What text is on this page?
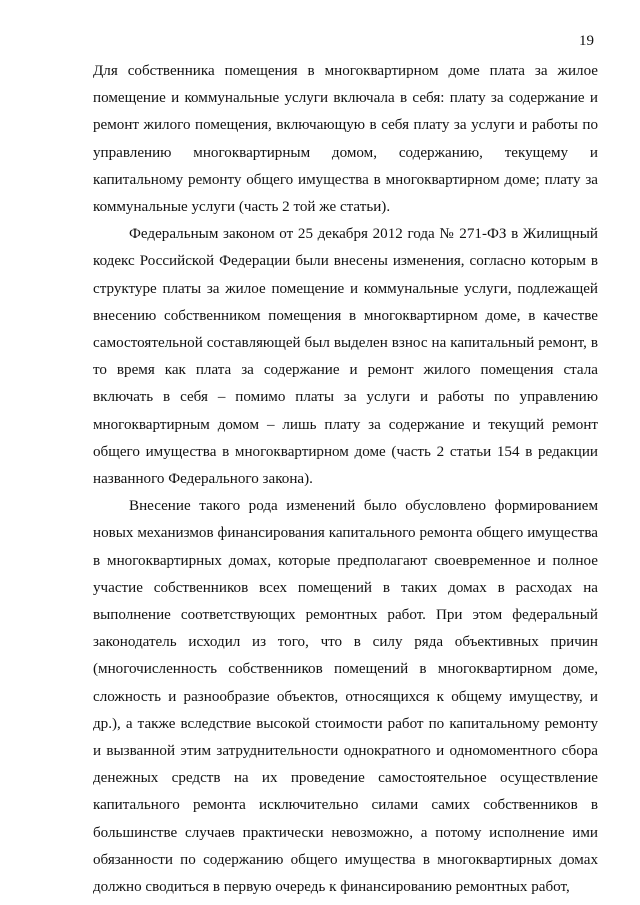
19

Для собственника помещения в многоквартирном доме плата за жилое помещение и коммунальные услуги включала в себя: плату за содержание и ремонт жилого помещения, включающую в себя плату за услуги и работы по управлению многоквартирным домом, содержанию, текущему и капитальному ремонту общего имущества в многоквартирном доме; плату за коммунальные услуги (часть 2 той же статьи).

Федеральным законом от 25 декабря 2012 года № 271-ФЗ в Жилищный кодекс Российской Федерации были внесены изменения, согласно которым в структуре платы за жилое помещение и коммунальные услуги, подлежащей внесению собственником помещения в многоквартирном доме, в качестве самостоятельной составляющей был выделен взнос на капитальный ремонт, в то время как плата за содержание и ремонт жилого помещения стала включать в себя – помимо платы за услуги и работы по управлению многоквартирным домом – лишь плату за содержание и текущий ремонт общего имущества в многоквартирном доме (часть 2 статьи 154 в редакции названного Федерального закона).

Внесение такого рода изменений было обусловлено формированием новых механизмов финансирования капитального ремонта общего имущества в многоквартирных домах, которые предполагают своевременное и полное участие собственников всех помещений в таких домах в расходах на выполнение соответствующих ремонтных работ. При этом федеральный законодатель исходил из того, что в силу ряда объективных причин (многочисленность собственников помещений в многоквартирном доме, сложность и разнообразие объектов, относящихся к общему имуществу, и др.), а также вследствие высокой стоимости работ по капитальному ремонту и вызванной этим затруднительности однократного и одномоментного сбора денежных средств на их проведение самостоятельное осуществление капитального ремонта исключительно силами самих собственников в большинстве случаев практически невозможно, а потому исполнение ими обязанности по содержанию общего имущества в многоквартирных домах должно сводиться в первую очередь к финансированию ремонтных работ,
